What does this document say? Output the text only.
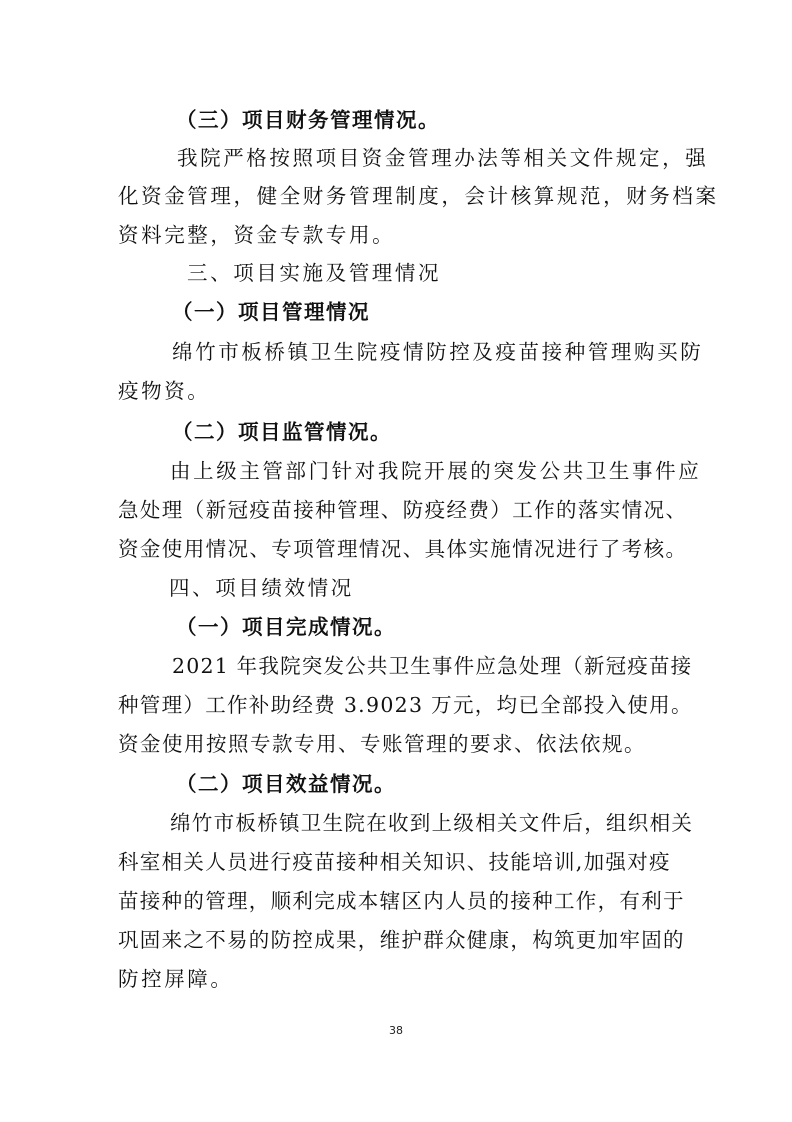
（三）项目财务管理情况。
我院严格按照项目资金管理办法等相关文件规定，强
化资金管理，健全财务管理制度，会计核算规范，财务档案
资料完整，资金专款专用。
三、项目实施及管理情况
（一）项目管理情况
绵竹市板桥镇卫生院疫情防控及疫苗接种管理购买防
疫物资。
（二）项目监管情况。
由上级主管部门针对我院开展的突发公共卫生事件应
急处理（新冠疫苗接种管理、防疫经费）工作的落实情况、
资金使用情况、专项管理情况、具体实施情况进行了考核。
四、项目绩效情况
（一）项目完成情况。
2021 年我院突发公共卫生事件应急处理（新冠疫苗接
种管理）工作补助经费 3.9023 万元，均已全部投入使用。
资金使用按照专款专用、专账管理的要求、依法依规。
（二）项目效益情况。
绵竹市板桥镇卫生院在收到上级相关文件后，组织相关
科室相关人员进行疫苗接种相关知识、技能培训,加强对疫
苗接种的管理，顺利完成本辖区内人员的接种工作，有利于
巩固来之不易的防控成果，维护群众健康，构筑更加牢固的
防控屏障。
38
